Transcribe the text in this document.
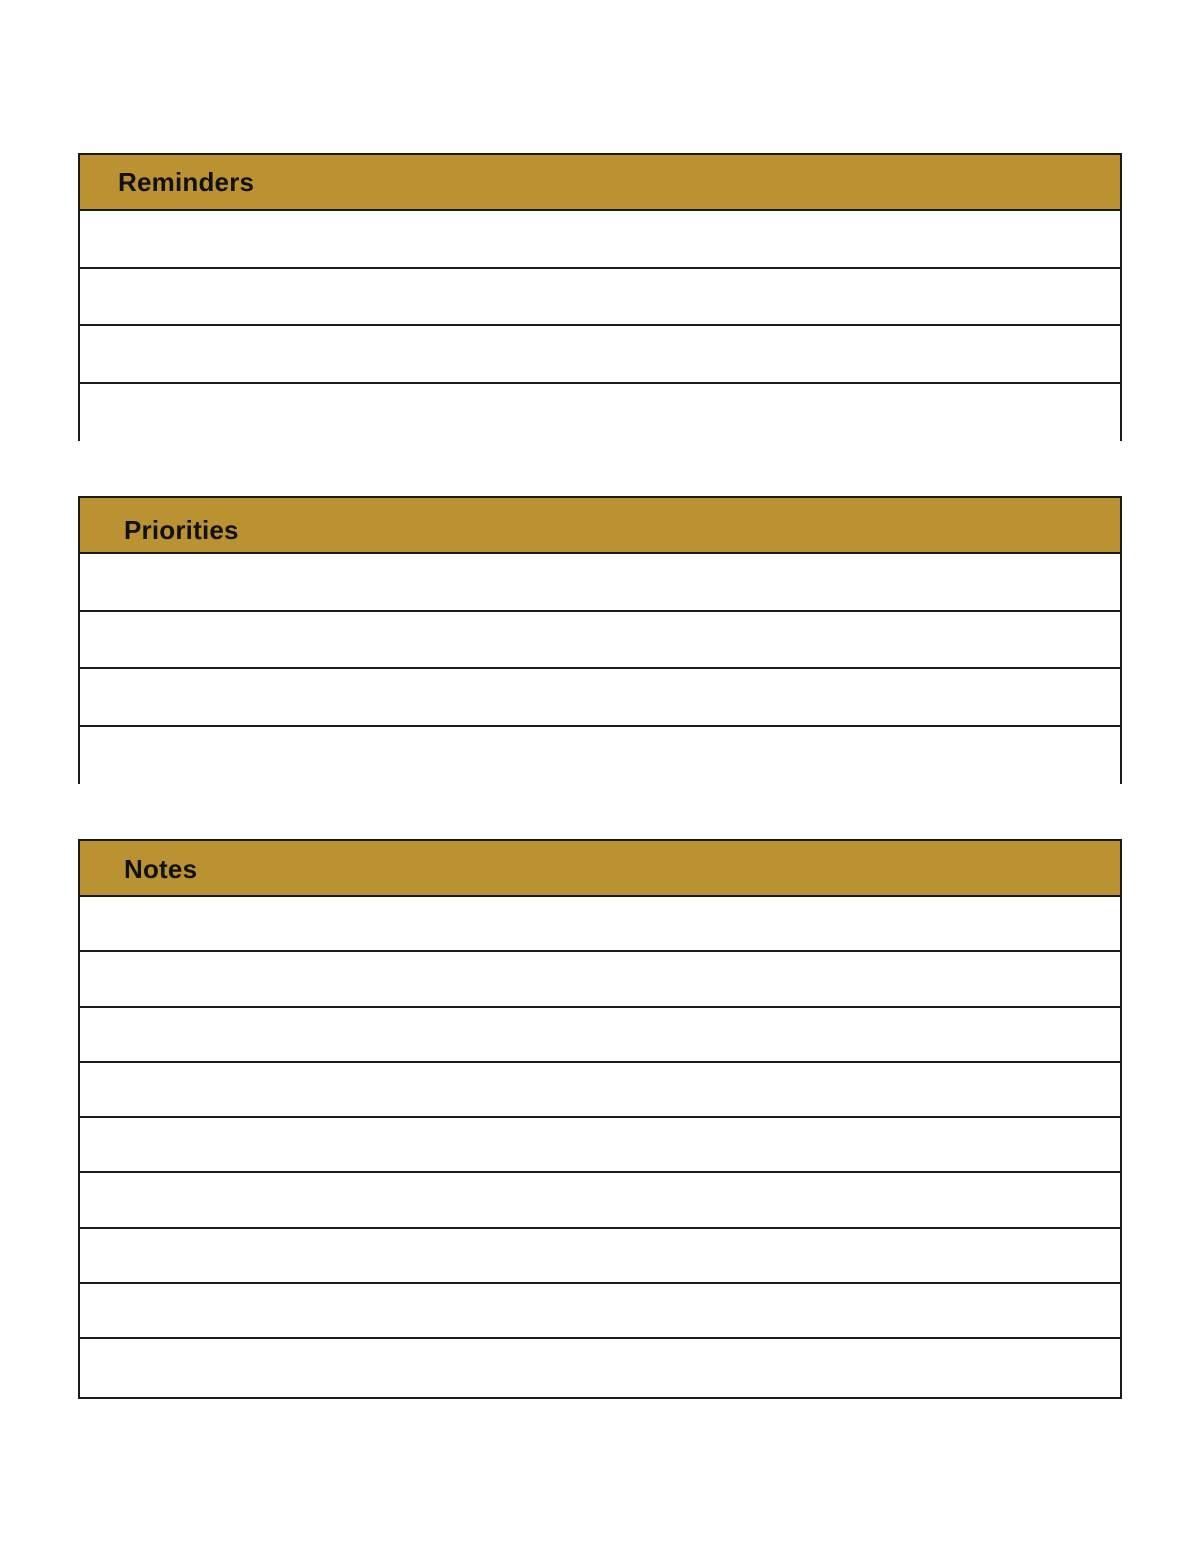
Reminders
Priorities
Notes
